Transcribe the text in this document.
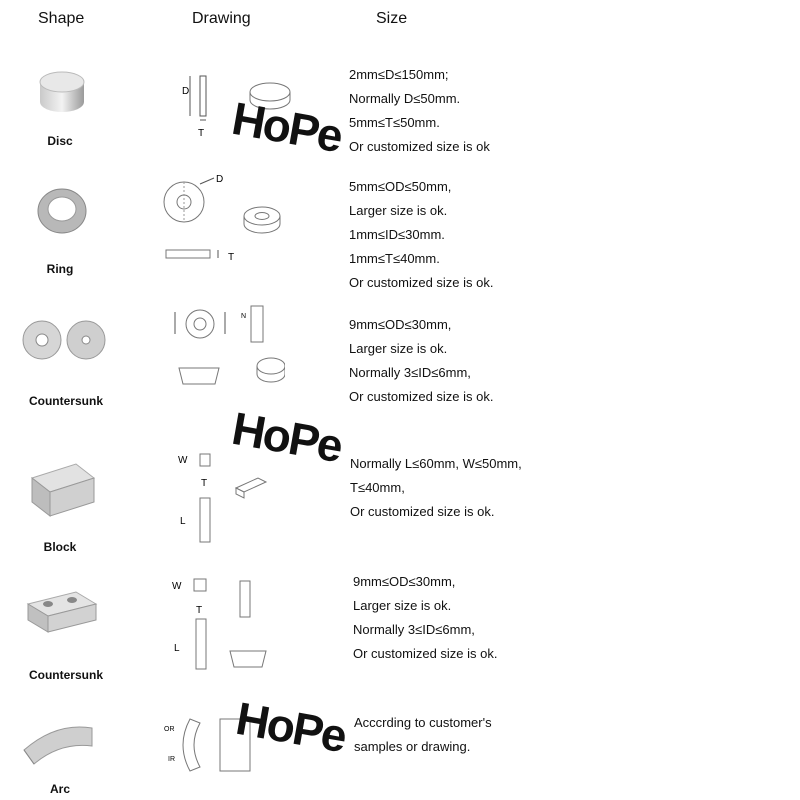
Shape	Drawing	Size
Disc
D
T HoPe
2mm≤D≤150mm;
Normally D≤50mm.
5mm≤T≤50mm.
Or customized size is ok
Ring
D
T
5mm≤OD≤50mm,
Larger size is ok.
1mm≤ID≤30mm.
1mm≤T≤40mm.
Or customized size is ok.
Countersunk
N
HoPe
9mm≤OD≤30mm,
Larger size is ok.
Normally 3≤ID≤6mm,
Or customized size is ok.
Block
W
T
L
Normally L≤60mm, W≤50mm,
T≤40mm,
Or customized size is ok.
Countersunk
W
T
L
9mm≤OD≤30mm,
Larger size is ok.
Normally 3≤ID≤6mm,
Or customized size is ok.
Arc
OR
IR HoPe Acccrding to customer's
samples or drawing.
